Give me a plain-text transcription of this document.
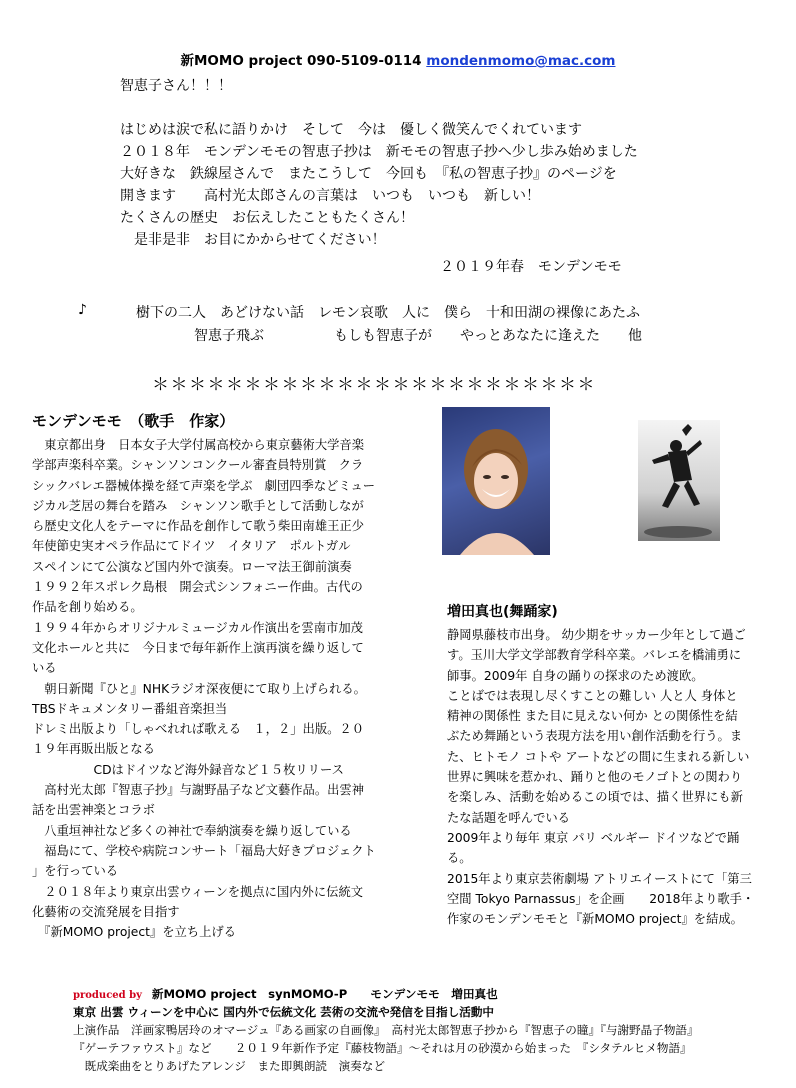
新MOMO project 090-5109-0114 mondenmomo@mac.com
智恵子さん！！！
はじめは涙で私に語りかけ　そして　今は　優しく微笑んでくれています
２０１８年　モンデンモモの智恵子抄は　新モモの智恵子抄へ少し歩み始めました
大好きな　鉄線屋さんで　またこうして　今回も　『私の智恵子抄』のページを
開きます　　高村光太郎さんの言葉は　いつも　いつも　新しい！
たくさんの歴史　お伝えしたこともたくさん！
　是非是非　お目にかからせてください！
２０１９年春　モンデンモモ
♪	樹下の二人　あどけない話　レモン哀歌　人に　僕ら　十和田湖の裸像にあたふ
智恵子飛ぶ　　　　　もしも智恵子が　　やっとあなたに逢えた　　他
＊＊＊＊＊＊＊＊＊＊＊＊＊＊＊＊＊＊＊＊＊＊＊＊
モンデンモモ　（歌手　作家）
　東京都出身　日本女子大学付属高校から東京藝術大学音楽
学部声楽科卒業。シャンソンコンクール審査員特別賞　クラ
シックバレエ器械体操を経て声楽を学ぶ　劇団四季などミュー
ジカル芝居の舞台を踏み　シャンソン歌手として活動しなが
ら歴史文化人をテーマに作品を創作して歌う柴田南雄王正少
年使節史実オペラ作品にてドイツ　イタリア　ポルトガル
スペインにて公演など国内外で演奏。ローマ法王御前演奏
１９９２年スポレク島根　開会式シンフォニー作曲。古代の
作品を創り始める。
１９９４年からオリジナルミュージカル作演出を雲南市加茂
文化ホールと共に　今日まで毎年新作上演再演を繰り返して
いる
　朝日新聞『ひと』NHKラジオ深夜便にて取り上げられる。
TBSドキュメンタリー番組音楽担当
ドレミ出版より「しゃべれれば歌える　１，２」出版。２０
１９年再販出版となる
　　　　　CDはドイツなど海外録音など１５枚リリース
　高村光太郎『智恵子抄』与謝野晶子など文藝作品。出雲神
話を出雲神楽とコラボ
　八重垣神社など多くの神社で奉納演奏を繰り返している
　福島にて、学校や病院コンサート「福島大好きプロジェクト
」を行っている
　２０１８年より東京出雲ウィーンを拠点に国内外に伝統文
化藝術の交流発展を目指す
　『新MOMO project』を立ち上げる
増田真也(舞踊家)
静岡県藤枝市出身。 幼少期をサッカー少年として過ご
す。玉川大学文学部教育学科卒業。バレエを橋浦勇に
師事。2009年 自身の踊りの探求のため渡欧。
ことばでは表現し尽くすことの難しい 人と人 身体と
精神の関係性 また目に見えない何か との関係性を結
ぶため舞踊という表現方法を用い創作活動を行う。ま
た、ヒトモノ コトや アートなどの間に生まれる新しい
世界に興味を惹かれ、踊りと他のモノゴトとの関わり
を楽しみ、活動を始めるこの頃では、描く世界にも新
たな話題を呼んでいる
2009年より毎年 東京 パリ ベルギー ドイツなどで踊
る。
2015年より東京芸術劇場 アトリエイーストにて「第三
空間 Tokyo Parnassus」を企画　　2018年より歌手・
作家のモンデンモモと『新MOMO project』を結成。
produced by 新MOMO project　synMOMO-P　　モンデンモモ　増田真也
東京 出雲 ウィーンを中心に 国内外で伝統文化 芸術の交流や発信を目指し活動中
上演作品　洋画家鴨居玲のオマージュ『ある画家の自画像』　高村光太郎智恵子抄から『智恵子の瞳』『与謝野晶子物語』
『ゲーテファウスト』など　　２０１９年新作予定『藤枝物語』〜それは月の砂漠から始まった　『シタテルヒメ物語』
　既成楽曲をとりあげたアレンジ　また即興朗読　演奏など
